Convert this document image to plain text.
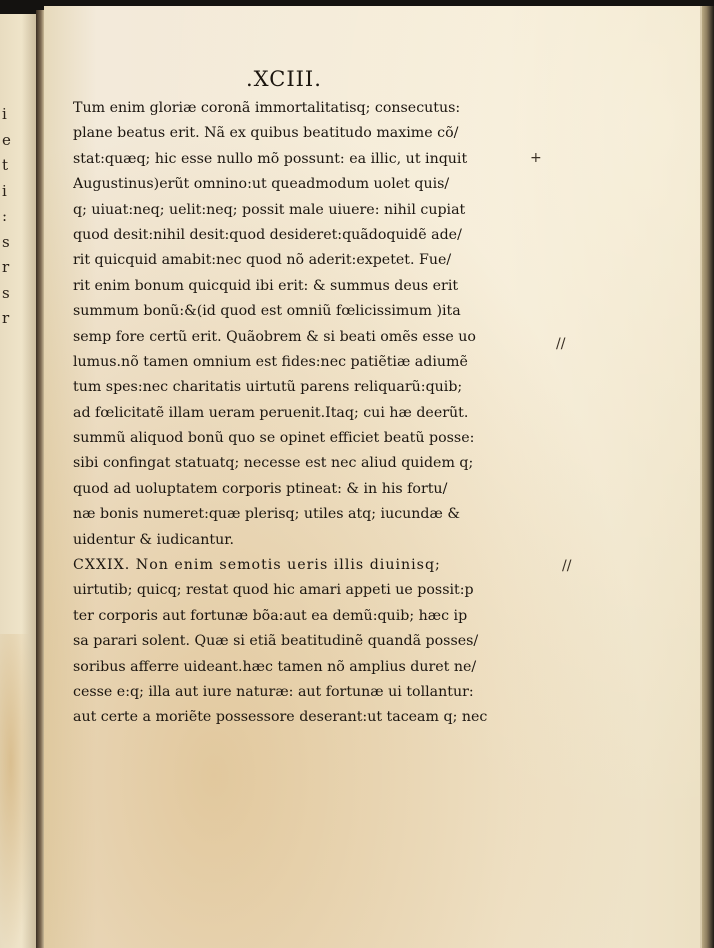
i
e
t
i
:
s
r
s
r
.XCIII.
Tum enim gloriæ coronã immortalitatisq; consecutus:
plane beatus erit. Nã ex quibus beatitudo maxime cõ/
stat:quæq; hic esse nullo mõ possunt: ea illic, ut inquit
Augustinus)erũt omnino:ut queadmodum uolet quis/
q; uiuat:neq; uelit:neq; possit male uiuere: nihil cupiat
quod desit:nihil desit:quod desideret:quãdoquidẽ ade/
rit quicquid amabit:nec quod nõ aderit:expetet. Fue/
rit enim bonum quicquid ibi erit: & summus deus erit
summum bonũ:&(id quod est omniũ fœlicissimum )ita
semp fore certũ erit. Quãobrem & si beati omẽs esse uo
lumus.nõ tamen omnium est fides:nec patiẽtiæ adiumẽ
tum spes:nec charitatis uirtutũ parens reliquarũ:quib;
ad fœlicitatẽ illam ueram peruenit.Itaq; cui hæ deerũt.
summũ aliquod bonũ quo se opinet efficiet beatũ posse:
sibi confingat statuatq; necesse est nec aliud quidem q;
quod ad uoluptatem corporis ptineat: & in his fortu/
næ bonis numeret:quæ plerisq; utiles atq; iucundæ &
uidentur & iudicantur.
CXXIX. Non enim semotis ueris illis diuinisq;
uirtutib; quicq; restat quod hic amari appeti ue possit:p
ter corporis aut fortunæ bõa:aut ea demũ:quib; hæc ip
sa parari solent. Quæ si etiã beatitudinẽ quandã posses/
soribus afferre uideant.hæc tamen nõ amplius duret ne/
cesse e:q; illa aut iure naturæ: aut fortunæ ui tollantur:
aut certe a moriẽte possessore deserant:ut taceam q; nec
+
//
//
